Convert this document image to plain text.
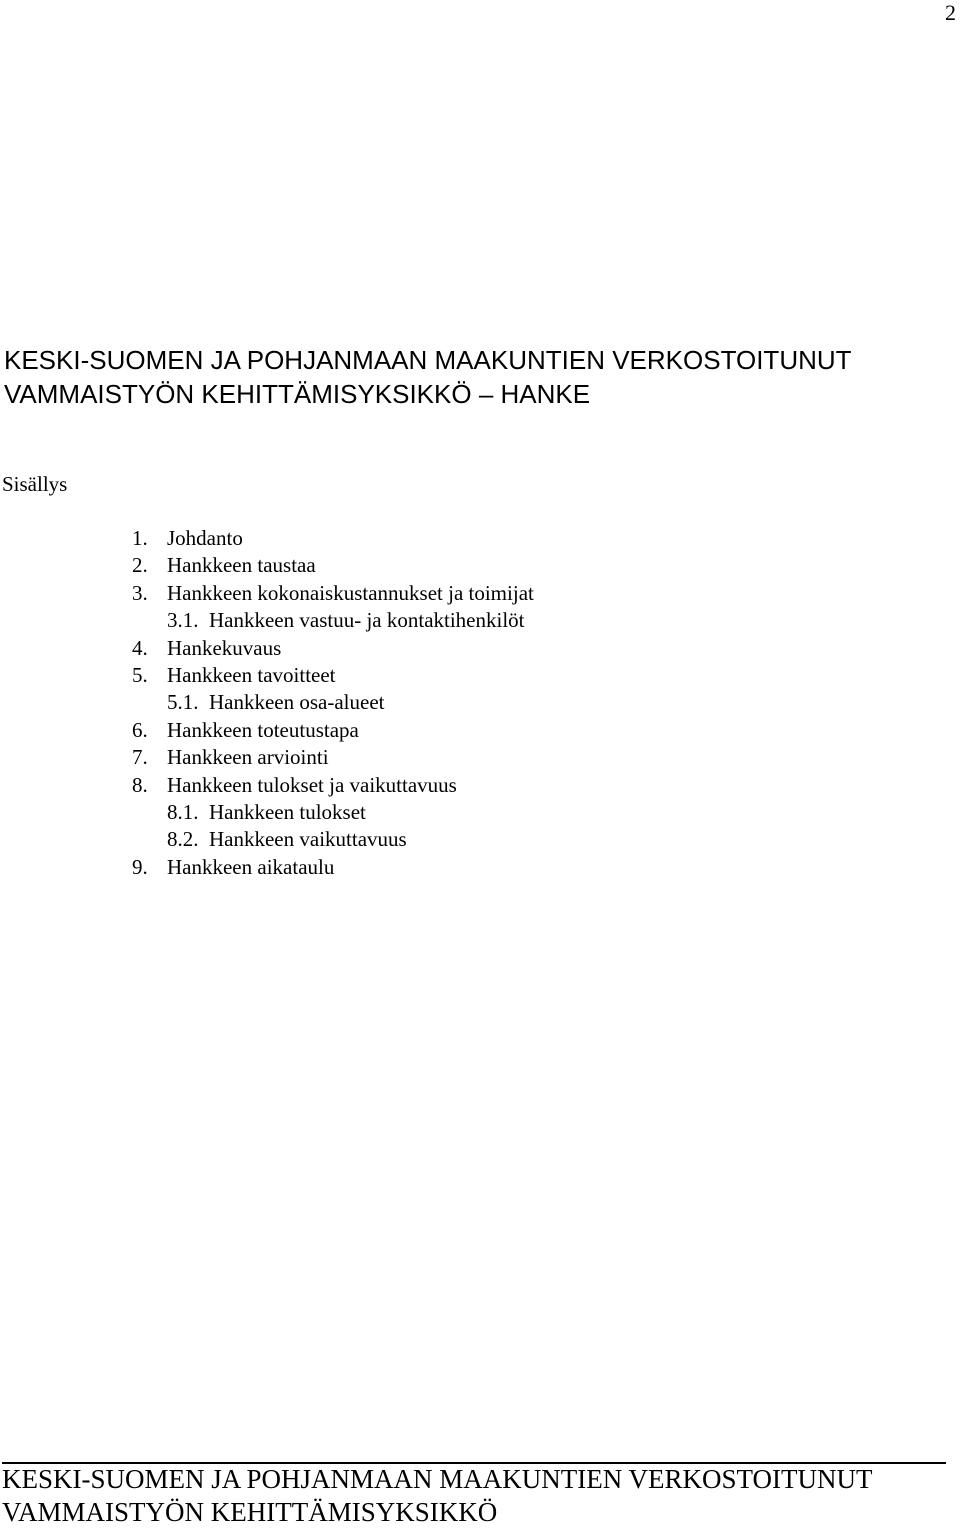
2
KESKI-SUOMEN JA POHJANMAAN MAAKUNTIEN VERKOSTOITUNUT
VAMMAISTYÖN KEHITTÄMISYKSIKKÖ – HANKE
Sisällys
1. Johdanto
2. Hankkeen taustaa
3. Hankkeen kokonaiskustannukset ja toimijat
3.1. Hankkeen vastuu- ja kontaktihenkilöt
4. Hankekuvaus
5. Hankkeen tavoitteet
5.1. Hankkeen osa-alueet
6. Hankkeen toteutustapa
7. Hankkeen arviointi
8. Hankkeen tulokset ja vaikuttavuus
8.1. Hankkeen tulokset
8.2. Hankkeen vaikuttavuus
9. Hankkeen aikataulu
KESKI-SUOMEN JA POHJANMAAN MAAKUNTIEN VERKOSTOITUNUT
VAMMAISTYÖN KEHITTÄMISYKSIKKÖ
